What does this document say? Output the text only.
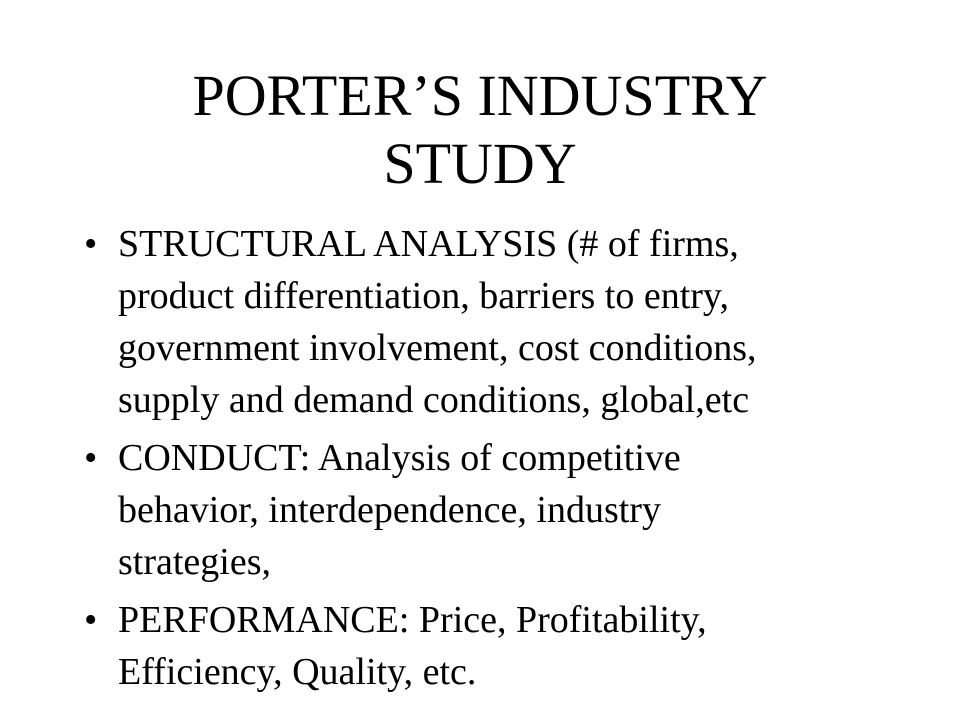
PORTER’S INDUSTRY
STUDY
• STRUCTURAL ANALYSIS (# of firms,
product differentiation, barriers to entry,
government involvement, cost conditions,
supply and demand conditions, global,etc
• CONDUCT: Analysis of competitive
behavior, interdependence, industry
strategies,
• PERFORMANCE: Price, Profitability,
Efficiency, Quality, etc.
